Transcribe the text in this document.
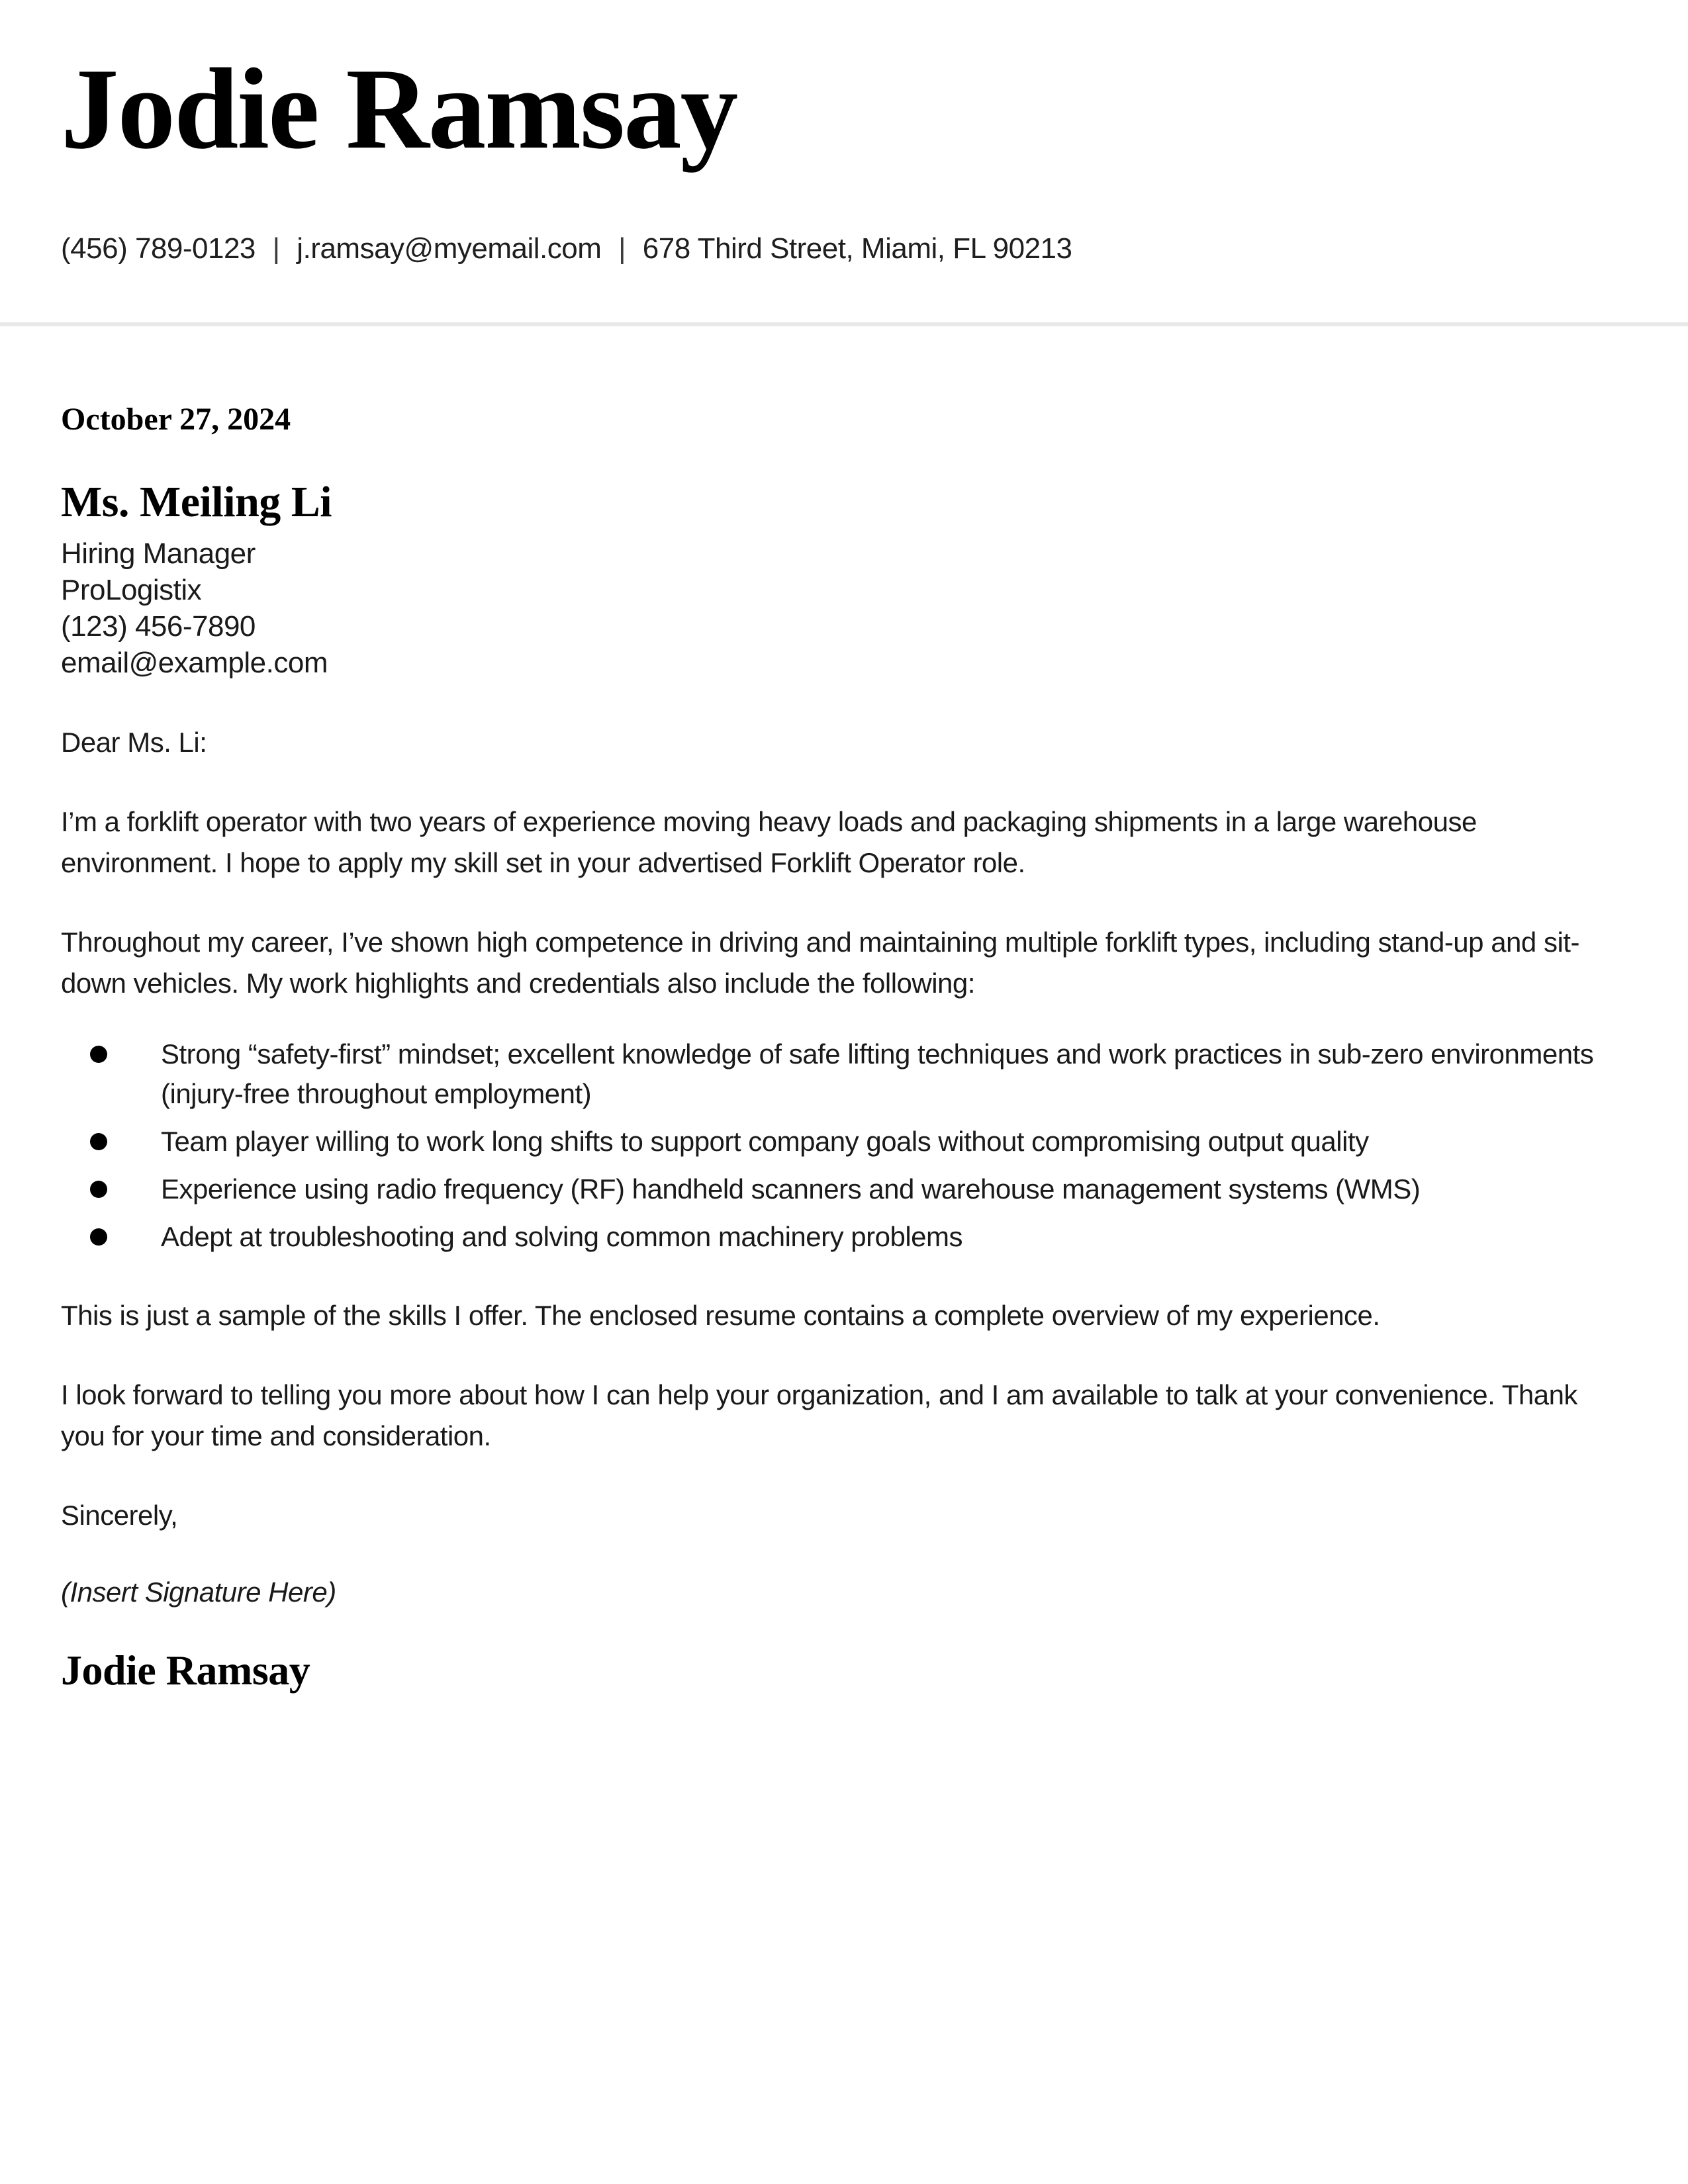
Jodie Ramsay

(456) 789-0123 | j.ramsay@myemail.com | 678 Third Street, Miami, FL 90213

October 27, 2024

Ms. Meiling Li

Hiring Manager

ProLogistix

(123) 456-7890

email@example.com

Dear Ms. Li:

I’m a forklift operator with two years of experience moving heavy loads and packaging shipments in a large warehouse environment. I hope to apply my skill set in your advertised Forklift Operator role.

Throughout my career, I’ve shown high competence in driving and maintaining multiple forklift types, including stand-up and sit-down vehicles. My work highlights and credentials also include the following:

Strong “safety-first” mindset; excellent knowledge of safe lifting techniques and work practices in sub-zero environments (injury-free throughout employment)
Team player willing to work long shifts to support company goals without compromising output quality
Experience using radio frequency (RF) handheld scanners and warehouse management systems (WMS)
Adept at troubleshooting and solving common machinery problems

This is just a sample of the skills I offer. The enclosed resume contains a complete overview of my experience.

I look forward to telling you more about how I can help your organization, and I am available to talk at your convenience. Thank you for your time and consideration.

Sincerely,

(Insert Signature Here)

Jodie Ramsay
